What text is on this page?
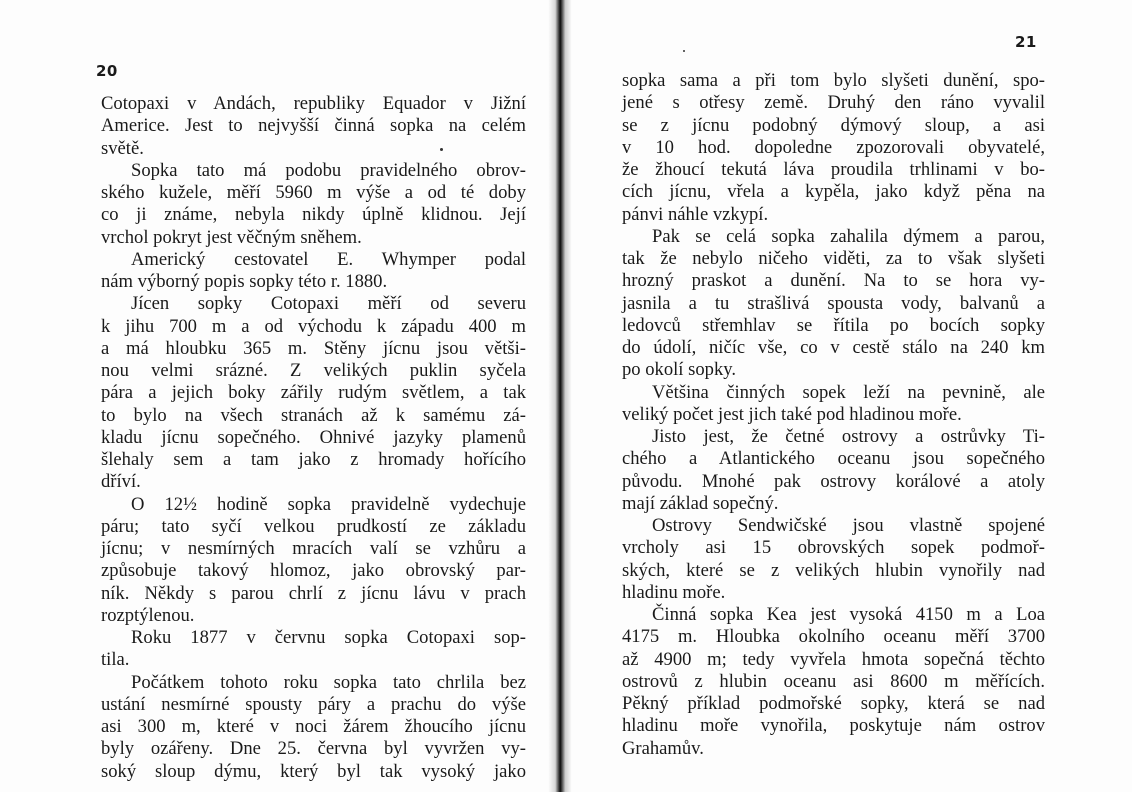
20
Cotopaxi v Andách, republiky Equador v Jižní
Americe. Jest to nejvyšší činná sopka na celém
světě.
Sopka tato má podobu pravidelného obrov-
ského kužele, měří 5960 m výše a od té doby
co ji známe, nebyla nikdy úplně klidnou. Její
vrchol pokryt jest věčným sněhem.
Americký cestovatel E. Whymper podal
nám výborný popis sopky této r. 1880.
Jícen sopky Cotopaxi měří od severu
k jihu 700 m a od východu k západu 400 m
a má hloubku 365 m. Stěny jícnu jsou větši-
nou velmi srázné. Z velikých puklin syčela
pára a jejich boky zářily rudým světlem, a tak
to bylo na všech stranách až k samému zá-
kladu jícnu sopečného. Ohnivé jazyky plamenů
šlehaly sem a tam jako z hromady hořícího
dříví.
O 12½ hodině sopka pravidelně vydechuje
páru; tato syčí velkou prudkostí ze základu
jícnu; v nesmírných mracích valí se vzhůru a
způsobuje takový hlomoz, jako obrovský par-
ník. Někdy s parou chrlí z jícnu lávu v prach
rozptýlenou.
Roku 1877 v červnu sopka Cotopaxi sop-
tila.
Počátkem tohoto roku sopka tato chrlila bez
ustání nesmírné spousty páry a prachu do výše
asi 300 m, které v noci žárem žhoucího jícnu
byly ozářeny. Dne 25. června byl vyvržen vy-
soký sloup dýmu, který byl tak vysoký jako
21
sopka sama a při tom bylo slyšeti dunění, spo-
jené s otřesy země. Druhý den ráno vyvalil
se z jícnu podobný dýmový sloup, a asi
v 10 hod. dopoledne zpozorovali obyvatelé,
že žhoucí tekutá láva proudila trhlinami v bo-
cích jícnu, vřela a kypěla, jako když pěna na
pánvi náhle vzkypí.
Pak se celá sopka zahalila dýmem a parou,
tak že nebylo ničeho viděti, za to však slyšeti
hrozný praskot a dunění. Na to se hora vy-
jasnila a tu strašlivá spousta vody, balvanů a
ledovců střemhlav se řítila po bocích sopky
do údolí, ničíc vše, co v cestě stálo na 240 km
po okolí sopky.
Většina činných sopek leží na pevnině, ale
veliký počet jest jich také pod hladinou moře.
Jisto jest, že četné ostrovy a ostrůvky Ti-
chého a Atlantického oceanu jsou sopečného
původu. Mnohé pak ostrovy korálové a atoly
mají základ sopečný.
Ostrovy Sendwičské jsou vlastně spojené
vrcholy asi 15 obrovských sopek podmoř-
ských, které se z velikých hlubin vynořily nad
hladinu moře.
Činná sopka Kea jest vysoká 4150 m a Loa
4175 m. Hloubka okolního oceanu měří 3700
až 4900 m; tedy vyvřela hmota sopečná těchto
ostrovů z hlubin oceanu asi 8600 m měřících.
Pěkný příklad podmořské sopky, která se nad
hladinu moře vynořila, poskytuje nám ostrov
Grahamův.
